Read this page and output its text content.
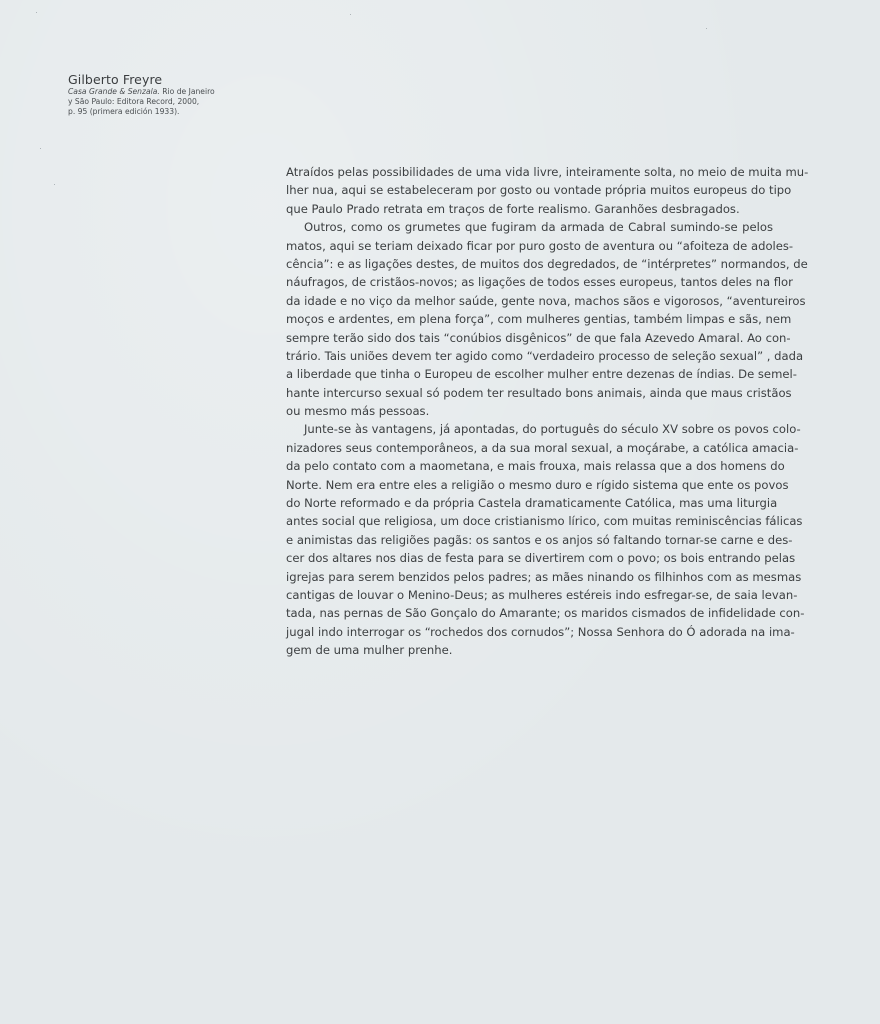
Gilberto Freyre
Casa Grande & Senzala. Rio de Janeiro
y São Paulo: Editora Record, 2000,
p. 95 (primera edición 1933).
Atraídos pelas possibilidades de uma vida livre, inteiramente solta, no meio de muita mu-
lher nua, aqui se estabeleceram por gosto ou vontade própria muitos europeus do tipo
que Paulo Prado retrata em traços de forte realismo. Garanhões desbragados.
Outros, como os grumetes que fugiram da armada de Cabral sumindo-se pelos
matos, aqui se teriam deixado ficar por puro gosto de aventura ou “afoiteza de adoles-
cência”: e as ligações destes, de muitos dos degredados, de “intérpretes” normandos, de
náufragos, de cristãos-novos; as ligações de todos esses europeus, tantos deles na flor
da idade e no viço da melhor saúde, gente nova, machos sãos e vigorosos, “aventureiros
moços e ardentes, em plena força”, com mulheres gentias, também limpas e sãs, nem
sempre terão sido dos tais “conúbios disgênicos” de que fala Azevedo Amaral. Ao con-
trário. Tais uniões devem ter agido como “verdadeiro processo de seleção sexual” , dada
a liberdade que tinha o Europeu de escolher mulher entre dezenas de índias. De semel-
hante intercurso sexual só podem ter resultado bons animais, ainda que maus cristãos
ou mesmo más pessoas.
Junte-se às vantagens, já apontadas, do português do século XV sobre os povos colo-
nizadores seus contemporâneos, a da sua moral sexual, a moçárabe, a católica amacia-
da pelo contato com a maometana, e mais frouxa, mais relassa que a dos homens do
Norte. Nem era entre eles a religião o mesmo duro e rígido sistema que ente os povos
do Norte reformado e da própria Castela dramaticamente Católica, mas uma liturgia
antes social que religiosa, um doce cristianismo lírico, com muitas reminiscências fálicas
e animistas das religiões pagãs: os santos e os anjos só faltando tornar-se carne e des-
cer dos altares nos dias de festa para se divertirem com o povo; os bois entrando pelas
igrejas para serem benzidos pelos padres; as mães ninando os filhinhos com as mesmas
cantigas de louvar o Menino-Deus; as mulheres estéreis indo esfregar-se, de saia levan-
tada, nas pernas de São Gonçalo do Amarante; os maridos cismados de infidelidade con-
jugal indo interrogar os “rochedos dos cornudos”; Nossa Senhora do Ó adorada na ima-
gem de uma mulher prenhe.
